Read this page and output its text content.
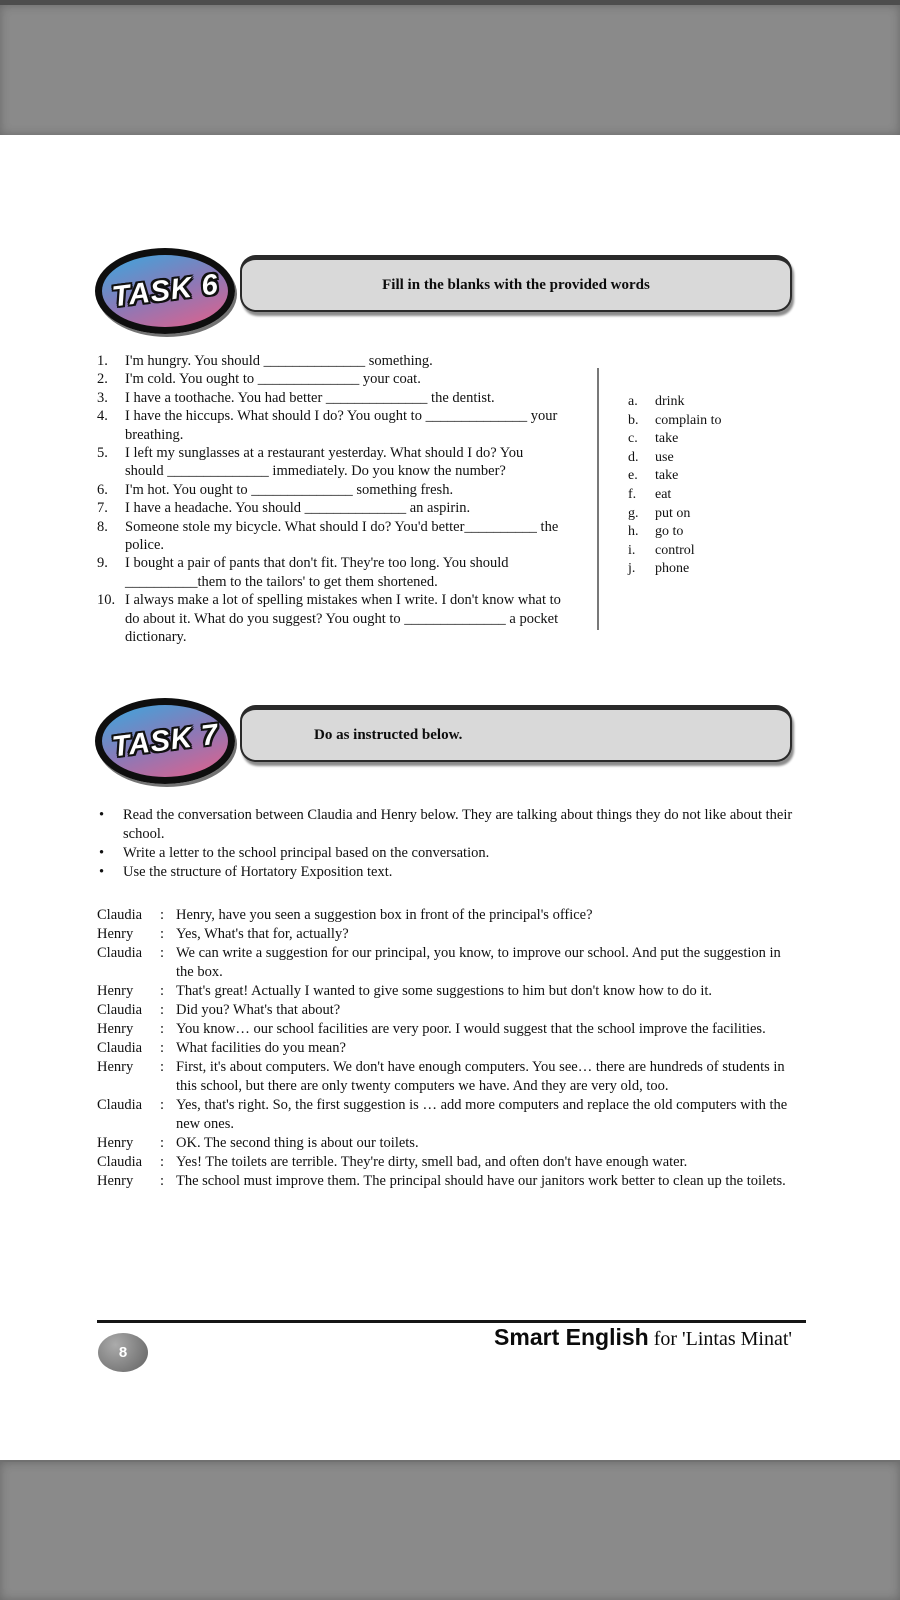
TASK 6	Fill in the blanks with the provided words
1.	I'm hungry. You should ______________ something.
2.	I'm cold. You ought to ______________ your coat.
3.	I have a toothache. You had better ______________ the dentist.
4.	I have the hiccups. What should I do? You ought to ______________ your breathing.
5.	I left my sunglasses at a restaurant yesterday. What should I do? You should ______________ immediately. Do you know the number?
6.	I'm hot. You ought to ______________ something fresh.
7.	I have a headache. You should ______________ an aspirin.
8.	Someone stole my bicycle. What should I do? You'd better__________ the police.
9.	I bought a pair of pants that don't fit. They're too long. You should __________them to the tailors' to get them shortened.
10. I always make a lot of spelling mistakes when I write. I don't know what to do about it. What do you suggest? You ought to ______________ a pocket dictionary.
a.	drink
b.	complain to
c.	take
d.	use
e.	take
f.	eat
g.	put on
h.	go to
i.	control
j.	phone
TASK 7	Do as instructed below.
•	Read the conversation between Claudia and Henry below. They are talking about things they do not like about their school.
•	Write a letter to the school principal based on the conversation.
•	Use the structure of Hortatory Exposition text.
Claudia	: Henry, have you seen a suggestion box in front of the principal's office?
Henry	: Yes, What's that for, actually?
Claudia	: We can write a suggestion for our principal, you know, to improve our school. And put the suggestion in the box.
Henry	: That's great! Actually I wanted to give some suggestions to him but don't know how to do it.
Claudia	: Did you? What's that about?
Henry	: You know… our school facilities are very poor. I would suggest that the school improve the facilities.
Claudia	: What facilities do you mean?
Henry	: First, it's about computers. We don't have enough computers. You see… there are hundreds of students in this school, but there are only twenty computers we have. And they are very old, too.
Claudia	: Yes, that's right. So, the first suggestion is … add more computers and replace the old computers with the new ones.
Henry	: OK. The second thing is about our toilets.
Claudia	: Yes! The toilets are terrible. They're dirty, smell bad, and often don't have enough water.
Henry	: The school must improve them. The principal should have our janitors work better to clean up the toilets.
8
Smart English for 'Lintas Minat'
